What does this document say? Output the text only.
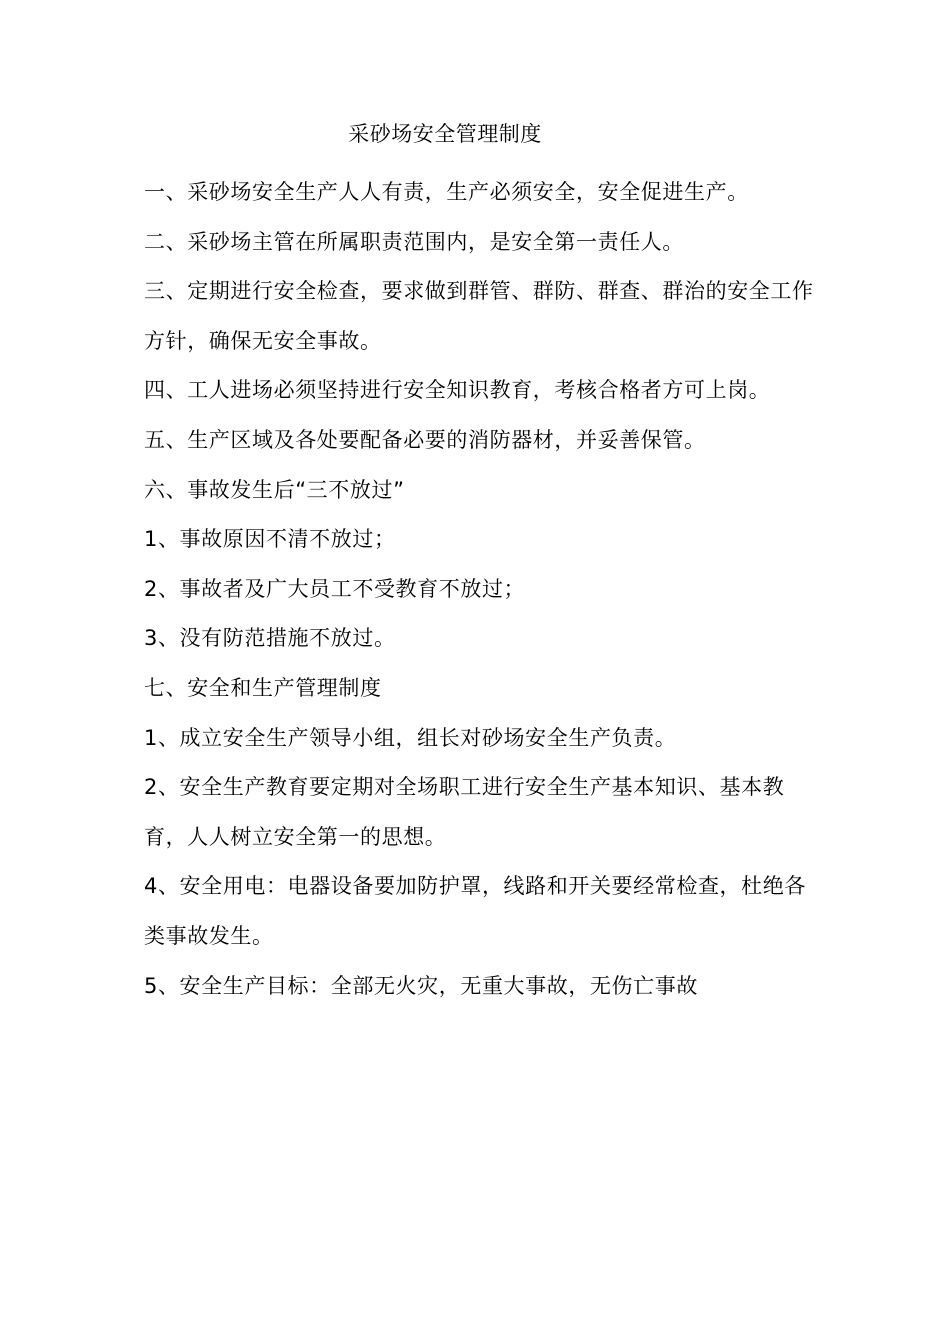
采砂场安全管理制度

一、采砂场安全生产人人有责，生产必须安全，安全促进生产。

二、采砂场主管在所属职责范围内，是安全第一责任人。

三、定期进行安全检查，要求做到群管、群防、群查、群治的安全工作方针，确保无安全事故。

四、工人进场必须坚持进行安全知识教育，考核合格者方可上岗。

五、生产区域及各处要配备必要的消防器材，并妥善保管。

六、事故发生后“三不放过”

1、事故原因不清不放过；

2、事故者及广大员工不受教育不放过；

3、没有防范措施不放过。

七、安全和生产管理制度

1、成立安全生产领导小组，组长对砂场安全生产负责。

2、安全生产教育要定期对全场职工进行安全生产基本知识、基本教育，人人树立安全第一的思想。

4、安全用电：电器设备要加防护罩，线路和开关要经常检查，杜绝各类事故发生。

5、安全生产目标：全部无火灾，无重大事故，无伤亡事故
